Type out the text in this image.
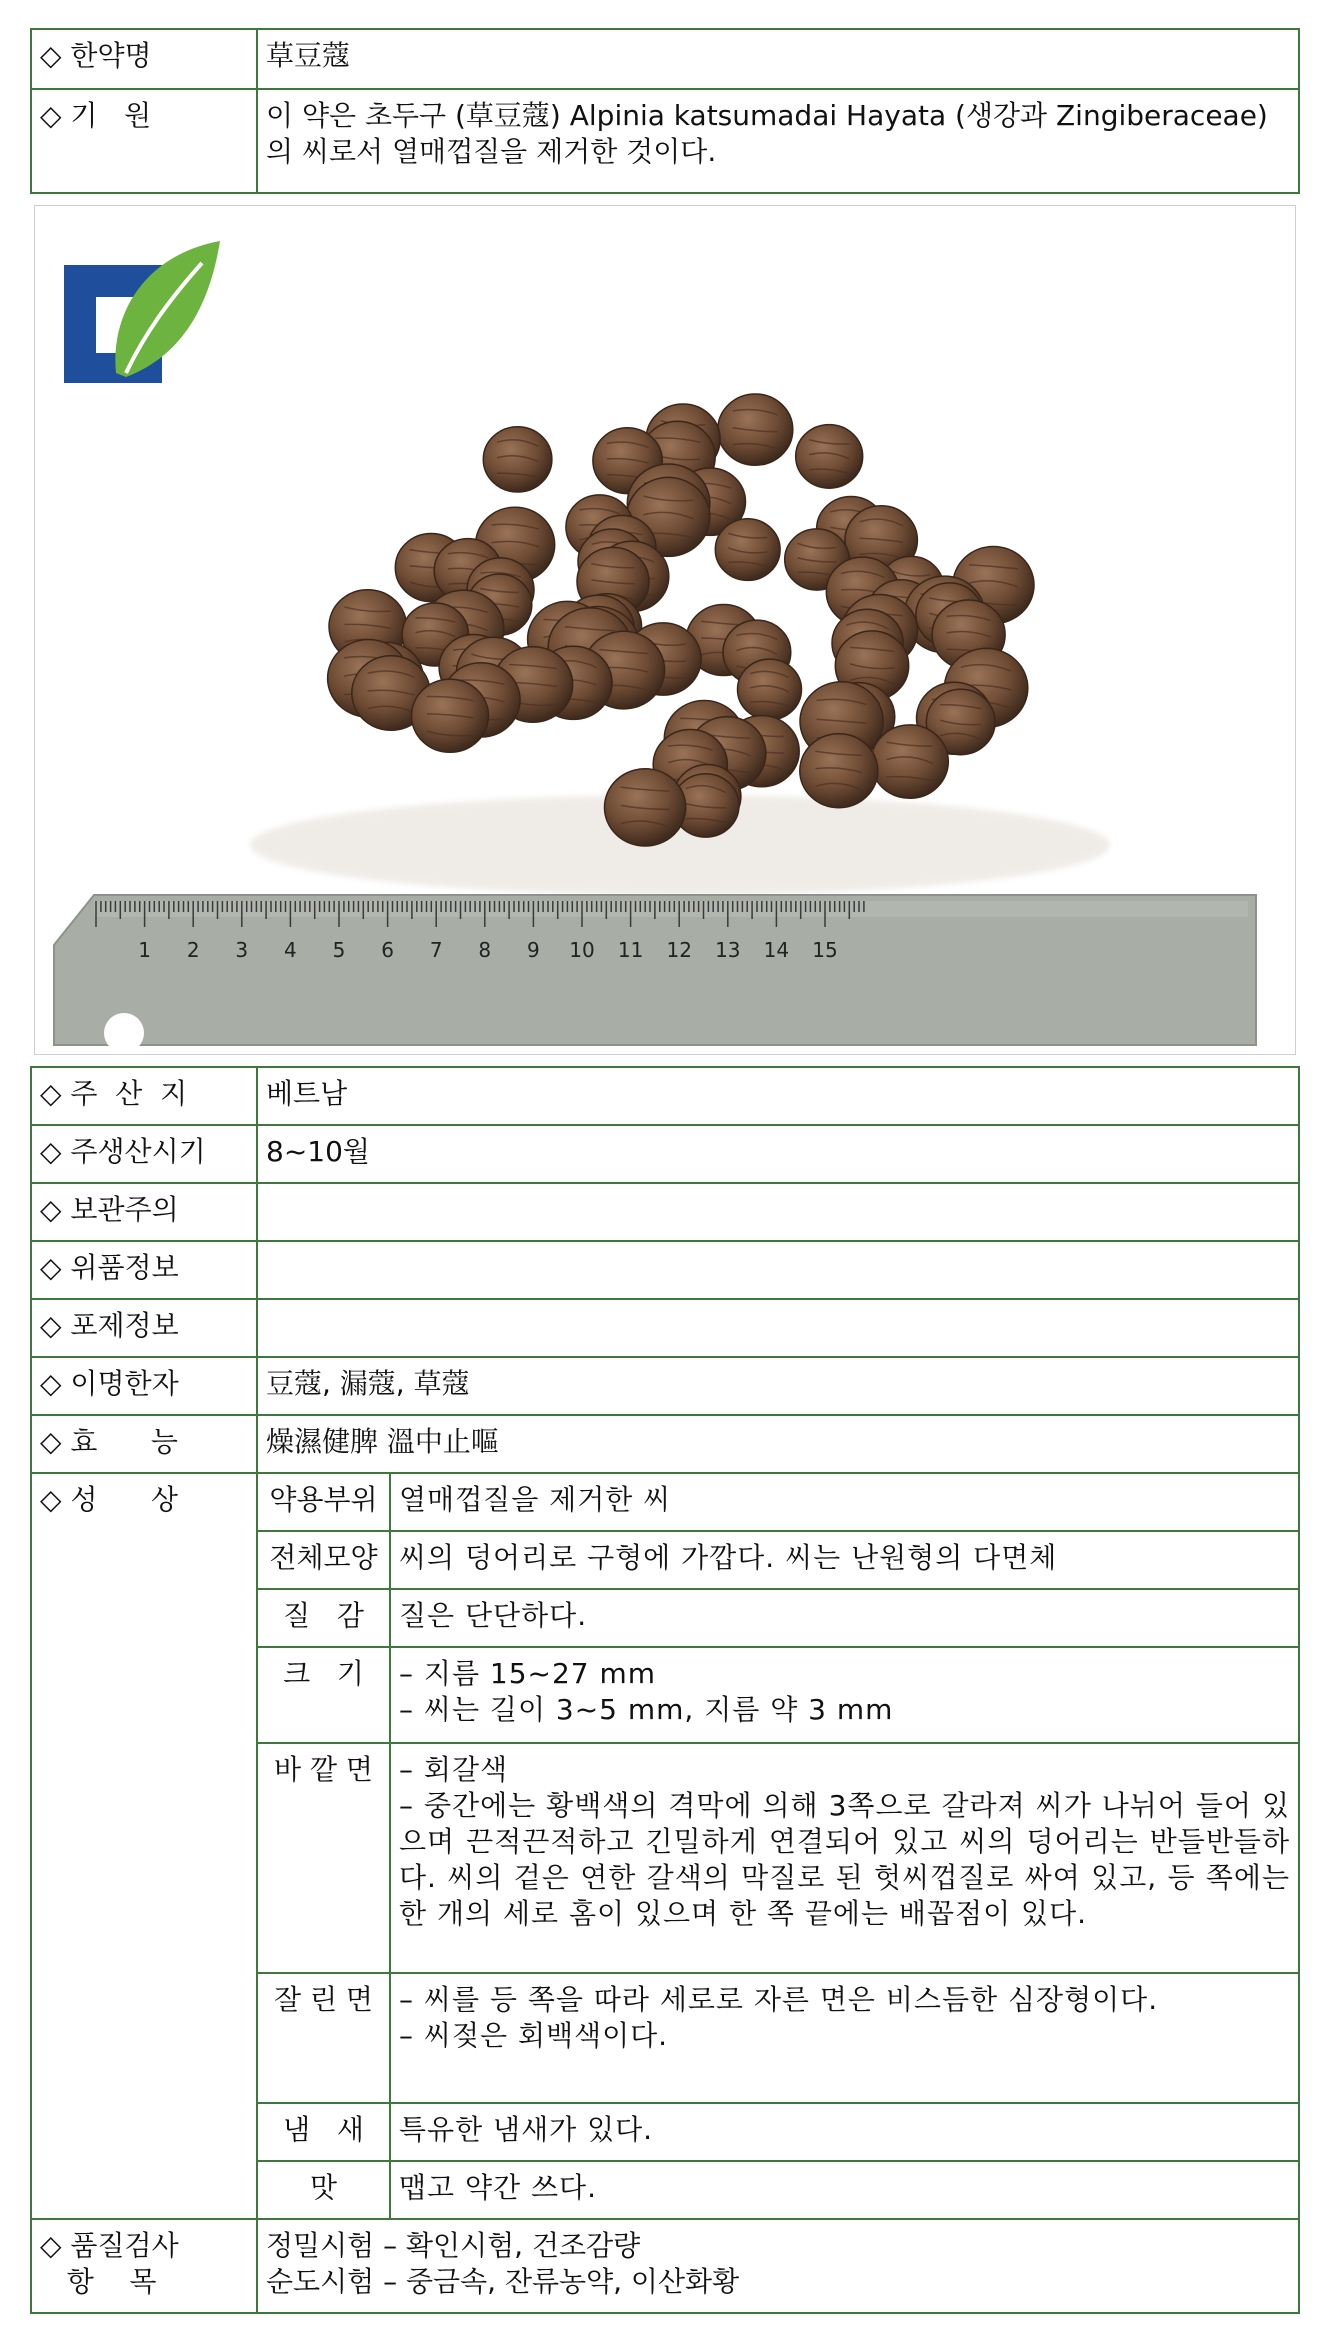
◇ 한약명	草豆蔻
◇ 기   원	이 약은 초두구 (草豆蔻) Alpinia katsumadai Hayata (생강과 Zingiberaceae)의 씨로서 열매껍질을 제거한 것이다.
1 2 3 4 5 6 7 8 9 10 11 12 13 14 15
◇ 주  산  지	베트남	
◇ 주생산시기	8~10월	
◇ 보관주의		
◇ 위품정보		
◇ 포제정보		
◇ 이명한자	豆蔻, 漏蔻, 草蔻	
◇ 효      능	燥濕健脾 溫中止嘔	
◇ 성      상	약용부위	열매껍질을 제거한 씨
	전체모양	씨의 덩어리로 구형에 가깝다. 씨는 난원형의 다면체
	질   감	질은 단단하다.
	크   기	– 지름 15~27 mm
– 씨는 길이 3~5 mm, 지름 약 3 mm
	바 깥 면	– 회갈색
– 중간에는 황백색의 격막에 의해 3쪽으로 갈라져 씨가 나뉘어 들어 있으며 끈적끈적하고 긴밀하게 연결되어 있고 씨의 덩어리는 반들반들하다. 씨의 겉은 연한 갈색의 막질로 된 헛씨껍질로 싸여 있고, 등 쪽에는 한 개의 세로 홈이 있으며 한 쪽 끝에는 배꼽점이 있다.
	잘 린 면	– 씨를 등 쪽을 따라 세로로 자른 면은 비스듬한 심장형이다.
– 씨젖은 회백색이다.
	냄   새	특유한 냄새가 있다.
	맛	맵고 약간 쓰다.
◇ 품질검사
항    목	정밀시험 – 확인시험, 건조감량
순도시험 – 중금속, 잔류농약, 이산화황	
